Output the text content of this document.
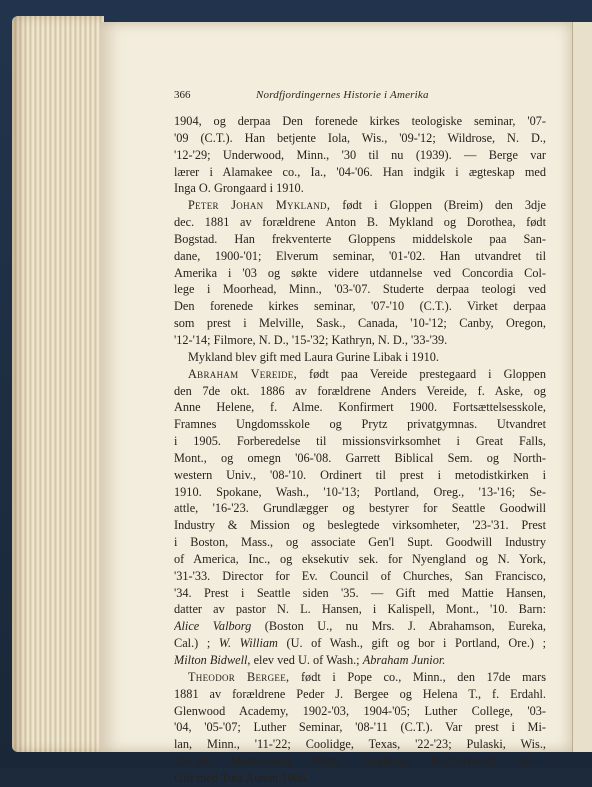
366	Nordfjordingernes Historie i Amerika
1904, og derpaa Den forenede kirkes teologiske seminar, '07-
'09 (C.T.). Han betjente Iola, Wis., '09-'12; Wildrose, N. D.,
'12-'29; Underwood, Minn., '30 til nu (1939). — Berge var
lærer i Alamakee co., Ia., '04-'06. Han indgik i ægteskap med
Inga O. Grongaard i 1910.
Peter Johan Mykland, født i Gloppen (Breim) den 3dje
dec. 1881 av forældrene Anton B. Mykland og Dorothea, født
Bogstad. Han frekventerte Gloppens middelskole paa San-
dane, 1900-'01; Elverum seminar, '01-'02. Han utvandret til
Amerika i '03 og søkte videre utdannelse ved Concordia Col-
lege i Moorhead, Minn., '03-'07. Studerte derpaa teologi ved
Den forenede kirkes seminar, '07-'10 (C.T.). Virket derpaa
som prest i Melville, Sask., Canada, '10-'12; Canby, Oregon,
'12-'14; Filmore, N. D., '15-'32; Kathryn, N. D., '33-'39.
Mykland blev gift med Laura Gurine Libak i 1910.
Abraham Vereide, født paa Vereide prestegaard i Gloppen
den 7de okt. 1886 av forældrene Anders Vereide, f. Aske, og
Anne Helene, f. Alme. Konfirmert 1900. Fortsættelsesskole,
Framnes Ungdomsskole og Prytz privatgymnas. Utvandret
i 1905. Forberedelse til missionsvirksomhet i Great Falls,
Mont., og omegn '06-'08. Garrett Biblical Sem. og North-
western Univ., '08-'10. Ordinert til prest i metodistkirken i
1910. Spokane, Wash., '10-'13; Portland, Oreg., '13-'16; Se-
attle, '16-'23. Grundlægger og bestyrer for Seattle Goodwill
Industry & Mission og beslegtede virksomheter, '23-'31. Prest
i Boston, Mass., og associate Gen'l Supt. Goodwill Industry
of America, Inc., og eksekutiv sek. for Nyengland og N. York,
'31-'33. Director for Ev. Council of Churches, San Francisco,
'34. Prest i Seattle siden '35. — Gift med Mattie Hansen,
datter av pastor N. L. Hansen, i Kalispell, Mont., '10. Barn:
Alice Valborg (Boston U., nu Mrs. J. Abrahamson, Eureka,
Cal.) ; W. William (U. of Wash., gift og bor i Portland, Ore.) ;
Milton Bidwell, elev ved U. of Wash.; Abraham Junior.
Theodor Bergee, født i Pope co., Minn., den 17de mars
1881 av forældrene Peder J. Bergee og Helena T., f. Erdahl.
Glenwood Academy, 1902-'03, 1904-'05; Luther College, '03-
'04, '05-'07; Luther Seminar, '08-'11 (C.T.). Var prest i Mi-
lan, Minn., '11-'22; Coolidge, Texas, '22-'23; Pulaski, Wis.,
'23-'26; Montevideo, Minn. (Lutheran Brotherhood) '26—.
Gift med Tina Aunan 1908.
